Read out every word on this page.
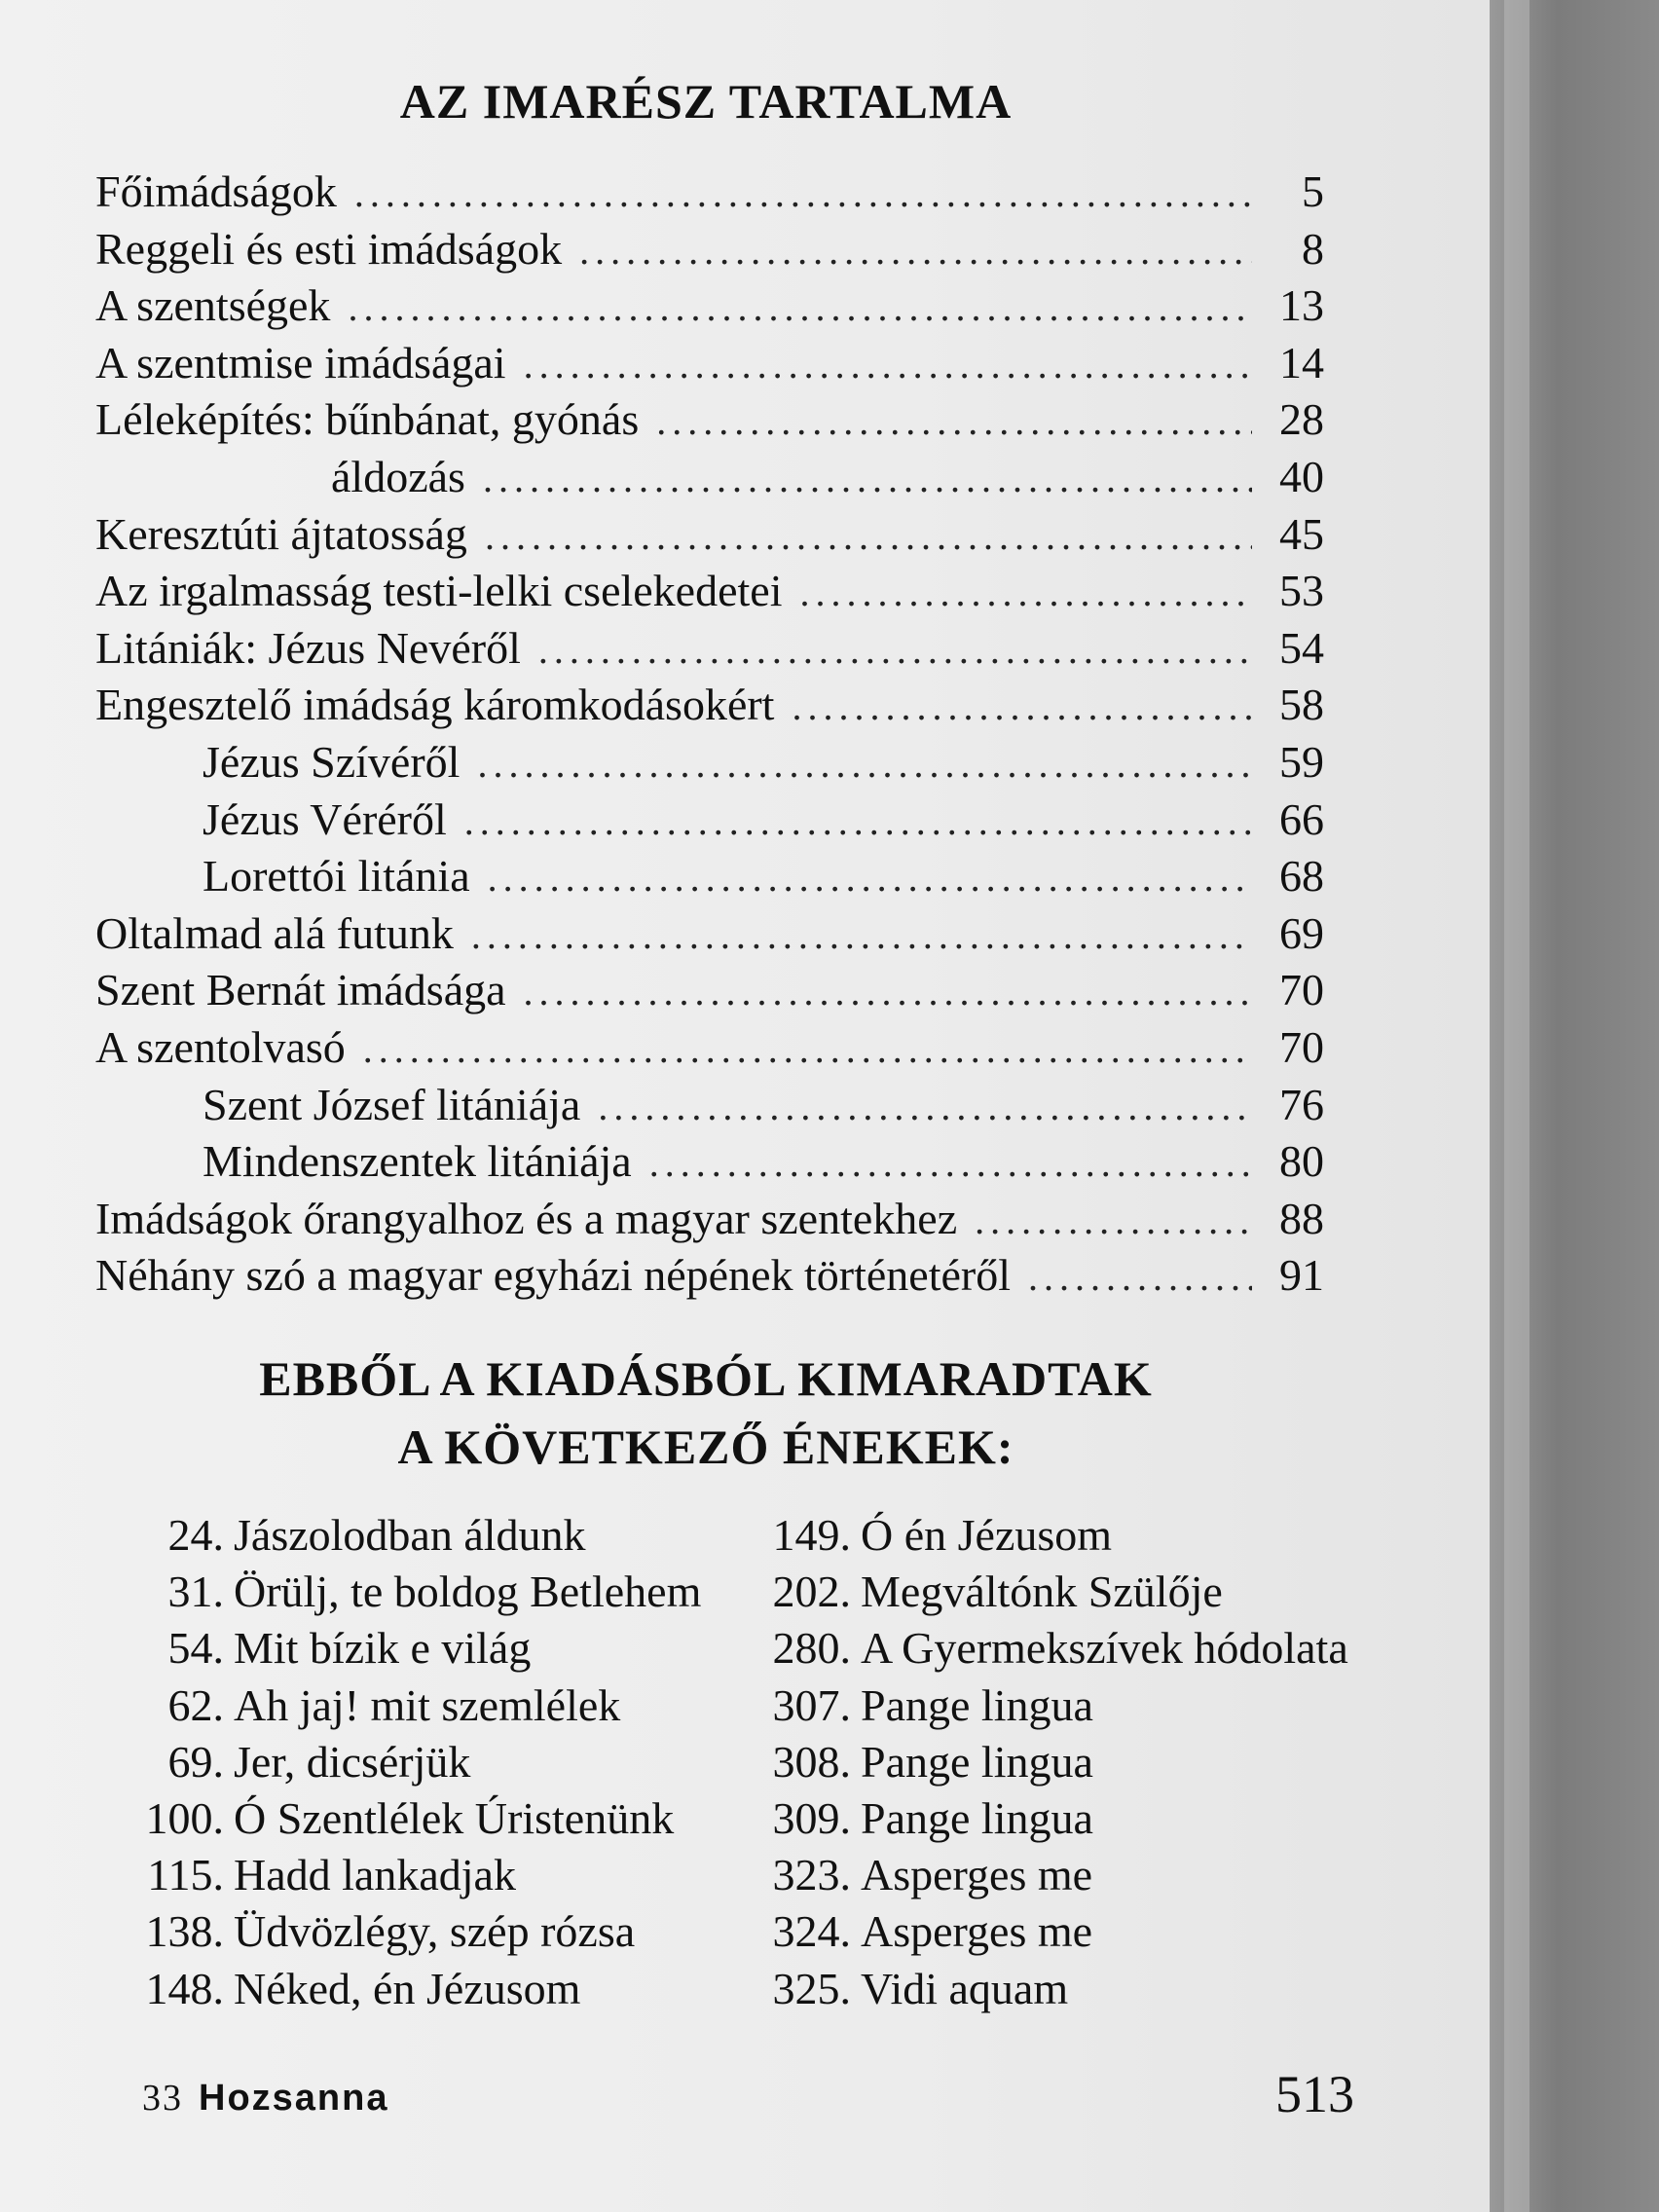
AZ IMARÉSZ TARTALMA
Főimádságok .....	5
Reggeli és esti imádságok .....	8
A szentségek .....	13
A szentmise imádságai .....	14
Léleképítés: bűnbánat, gyónás .....	28
áldozás .....	40
Keresztúti ájtatosság .....	45
Az irgalmasság testi-lelki cselekedetei .....	53
Litániák: Jézus Nevéről .....	54
Engesztelő imádság káromkodásokért .....	58
Jézus Szívéről .....	59
Jézus Véréről .....	66
Lorettói litánia .....	68
Oltalmad alá futunk .....	69
Szent Bernát imádsága .....	70
A szentolvasó .....	70
Szent József litániája .....	76
Mindenszentek litániája .....	80
Imádságok őrangyalhoz és a magyar szentekhez .....	88
Néhány szó a magyar egyházi népének történetéről .....	91
EBBŐL A KIADÁSBÓL KIMARADTAK
A KÖVETKEZŐ ÉNEKEK:
24. Jászolodban áldunk
31. Örülj, te boldog Betlehem
54. Mit bízik e világ
62. Ah jaj! mit szemlélek
69. Jer, dicsérjük
100. Ó Szentlélek Úristenünk
115. Hadd lankadjak
138. Üdvözlégy, szép rózsa
148. Néked, én Jézusom
149. Ó én Jézusom
202. Megváltónk Szülője
280. A Gyermekszívek hódolata
307. Pange lingua
308. Pange lingua
309. Pange lingua
323. Asperges me
324. Asperges me
325. Vidi aquam
33 Hozsanna	513
